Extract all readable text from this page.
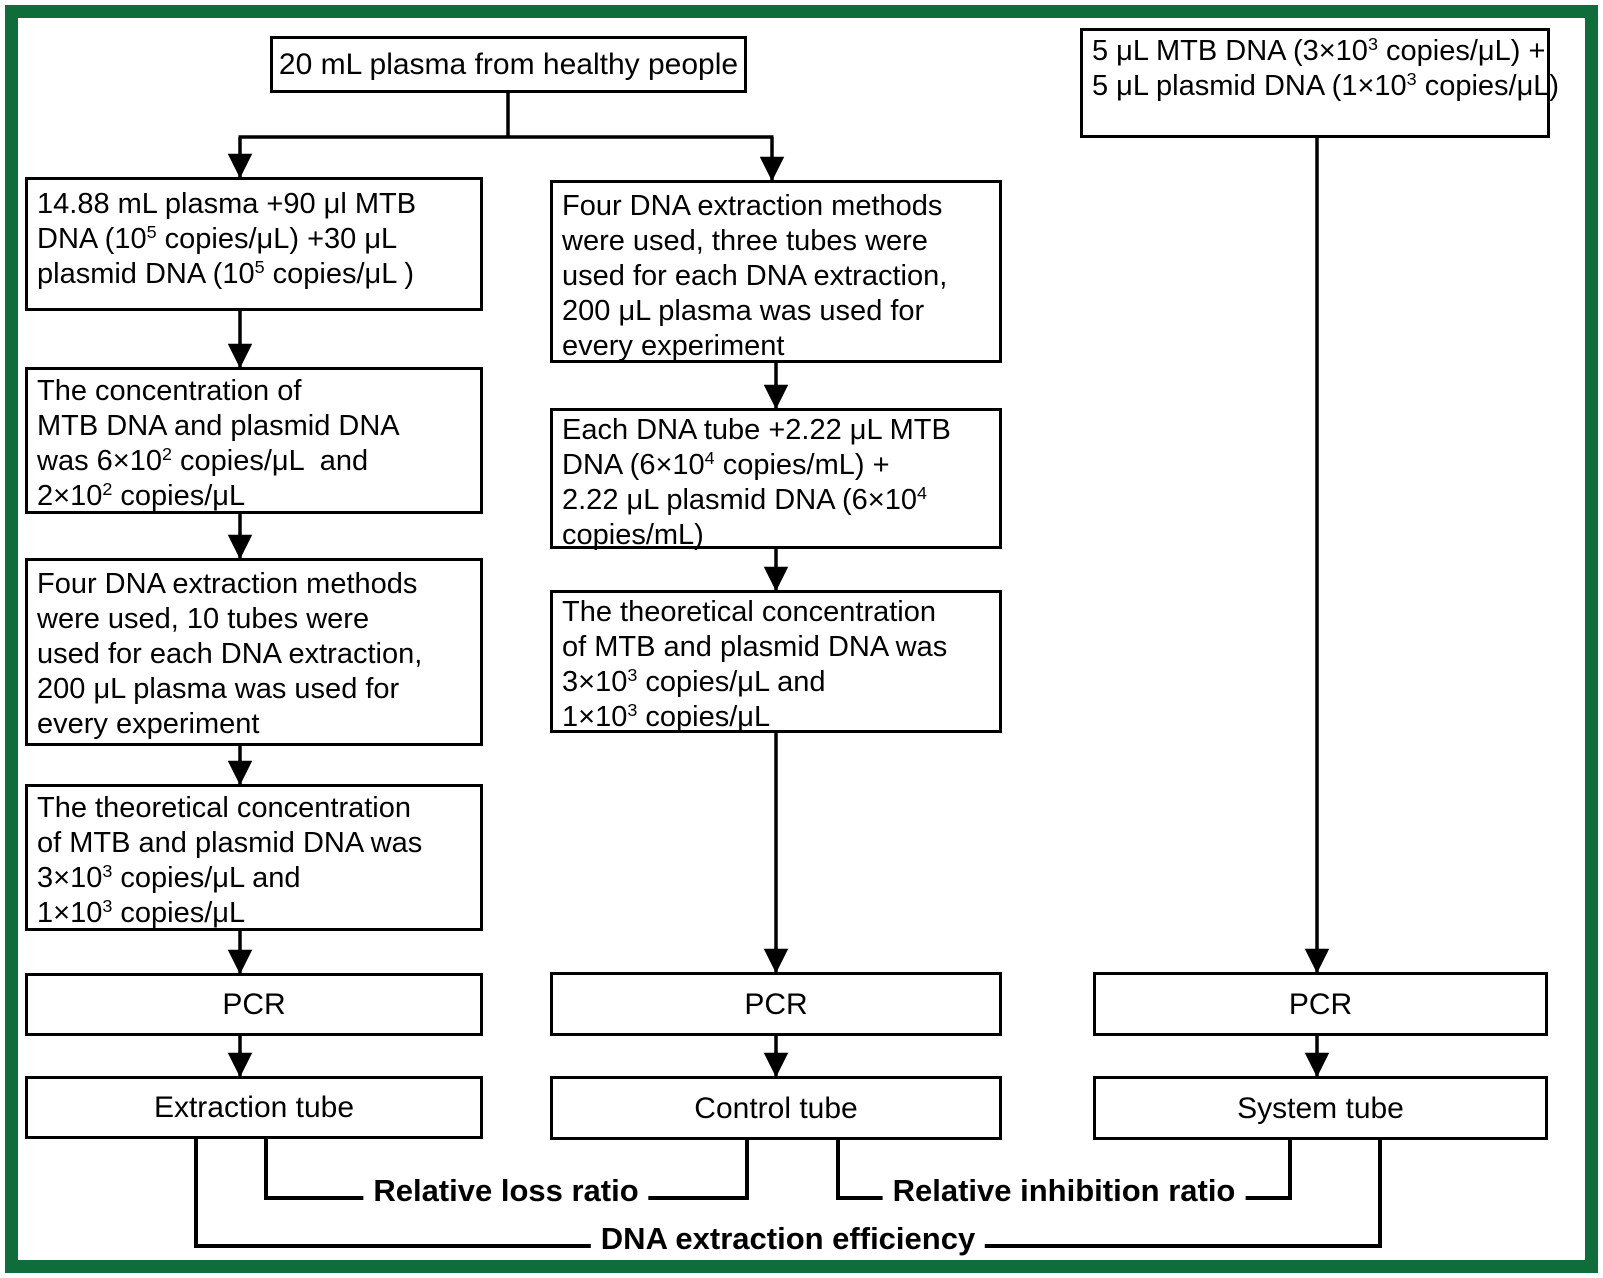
20 mL plasma from healthy people	5 μL MTB DNA ($3\times 10^3$ copies/μL) +
5 μL plasmid DNA ($1\times 10^3$ copies/μL)
14.88 mL plasma +90 μl MTB
DNA ($10^5$ copies/μL) +30 μL
plasmid DNA ($10^5$ copies/μL )
The concentration of
MTB DNA and plasmid DNA
was $6\times 10^2$ copies/μL  and
$2\times 10^2$ copies/μL
Four DNA extraction methods
were used, 10 tubes were
used for each DNA extraction,
200 μL plasma was used for
every experiment
The theoretical concentration
of MTB and plasmid DNA was
$3\times 10^3$ copies/μL and
$1\times 10^3$ copies/μL
PCR
Extraction tube
Four DNA extraction methods
were used, three tubes were
used for each DNA extraction,
200 μL plasma was used for
every experiment
Each DNA tube +2.22 μL MTB
DNA ($6\times 10^4$ copies/mL) +
2.22 μL plasmid DNA ($6\times 10^4$
copies/mL)
The theoretical concentration
of MTB and plasmid DNA was
$3\times 10^3$ copies/μL and
$1\times 10^3$ copies/μL
PCR
Control tube
PCR
System tube
Relative loss ratio	Relative inhibition ratio
DNA extraction efficiency
